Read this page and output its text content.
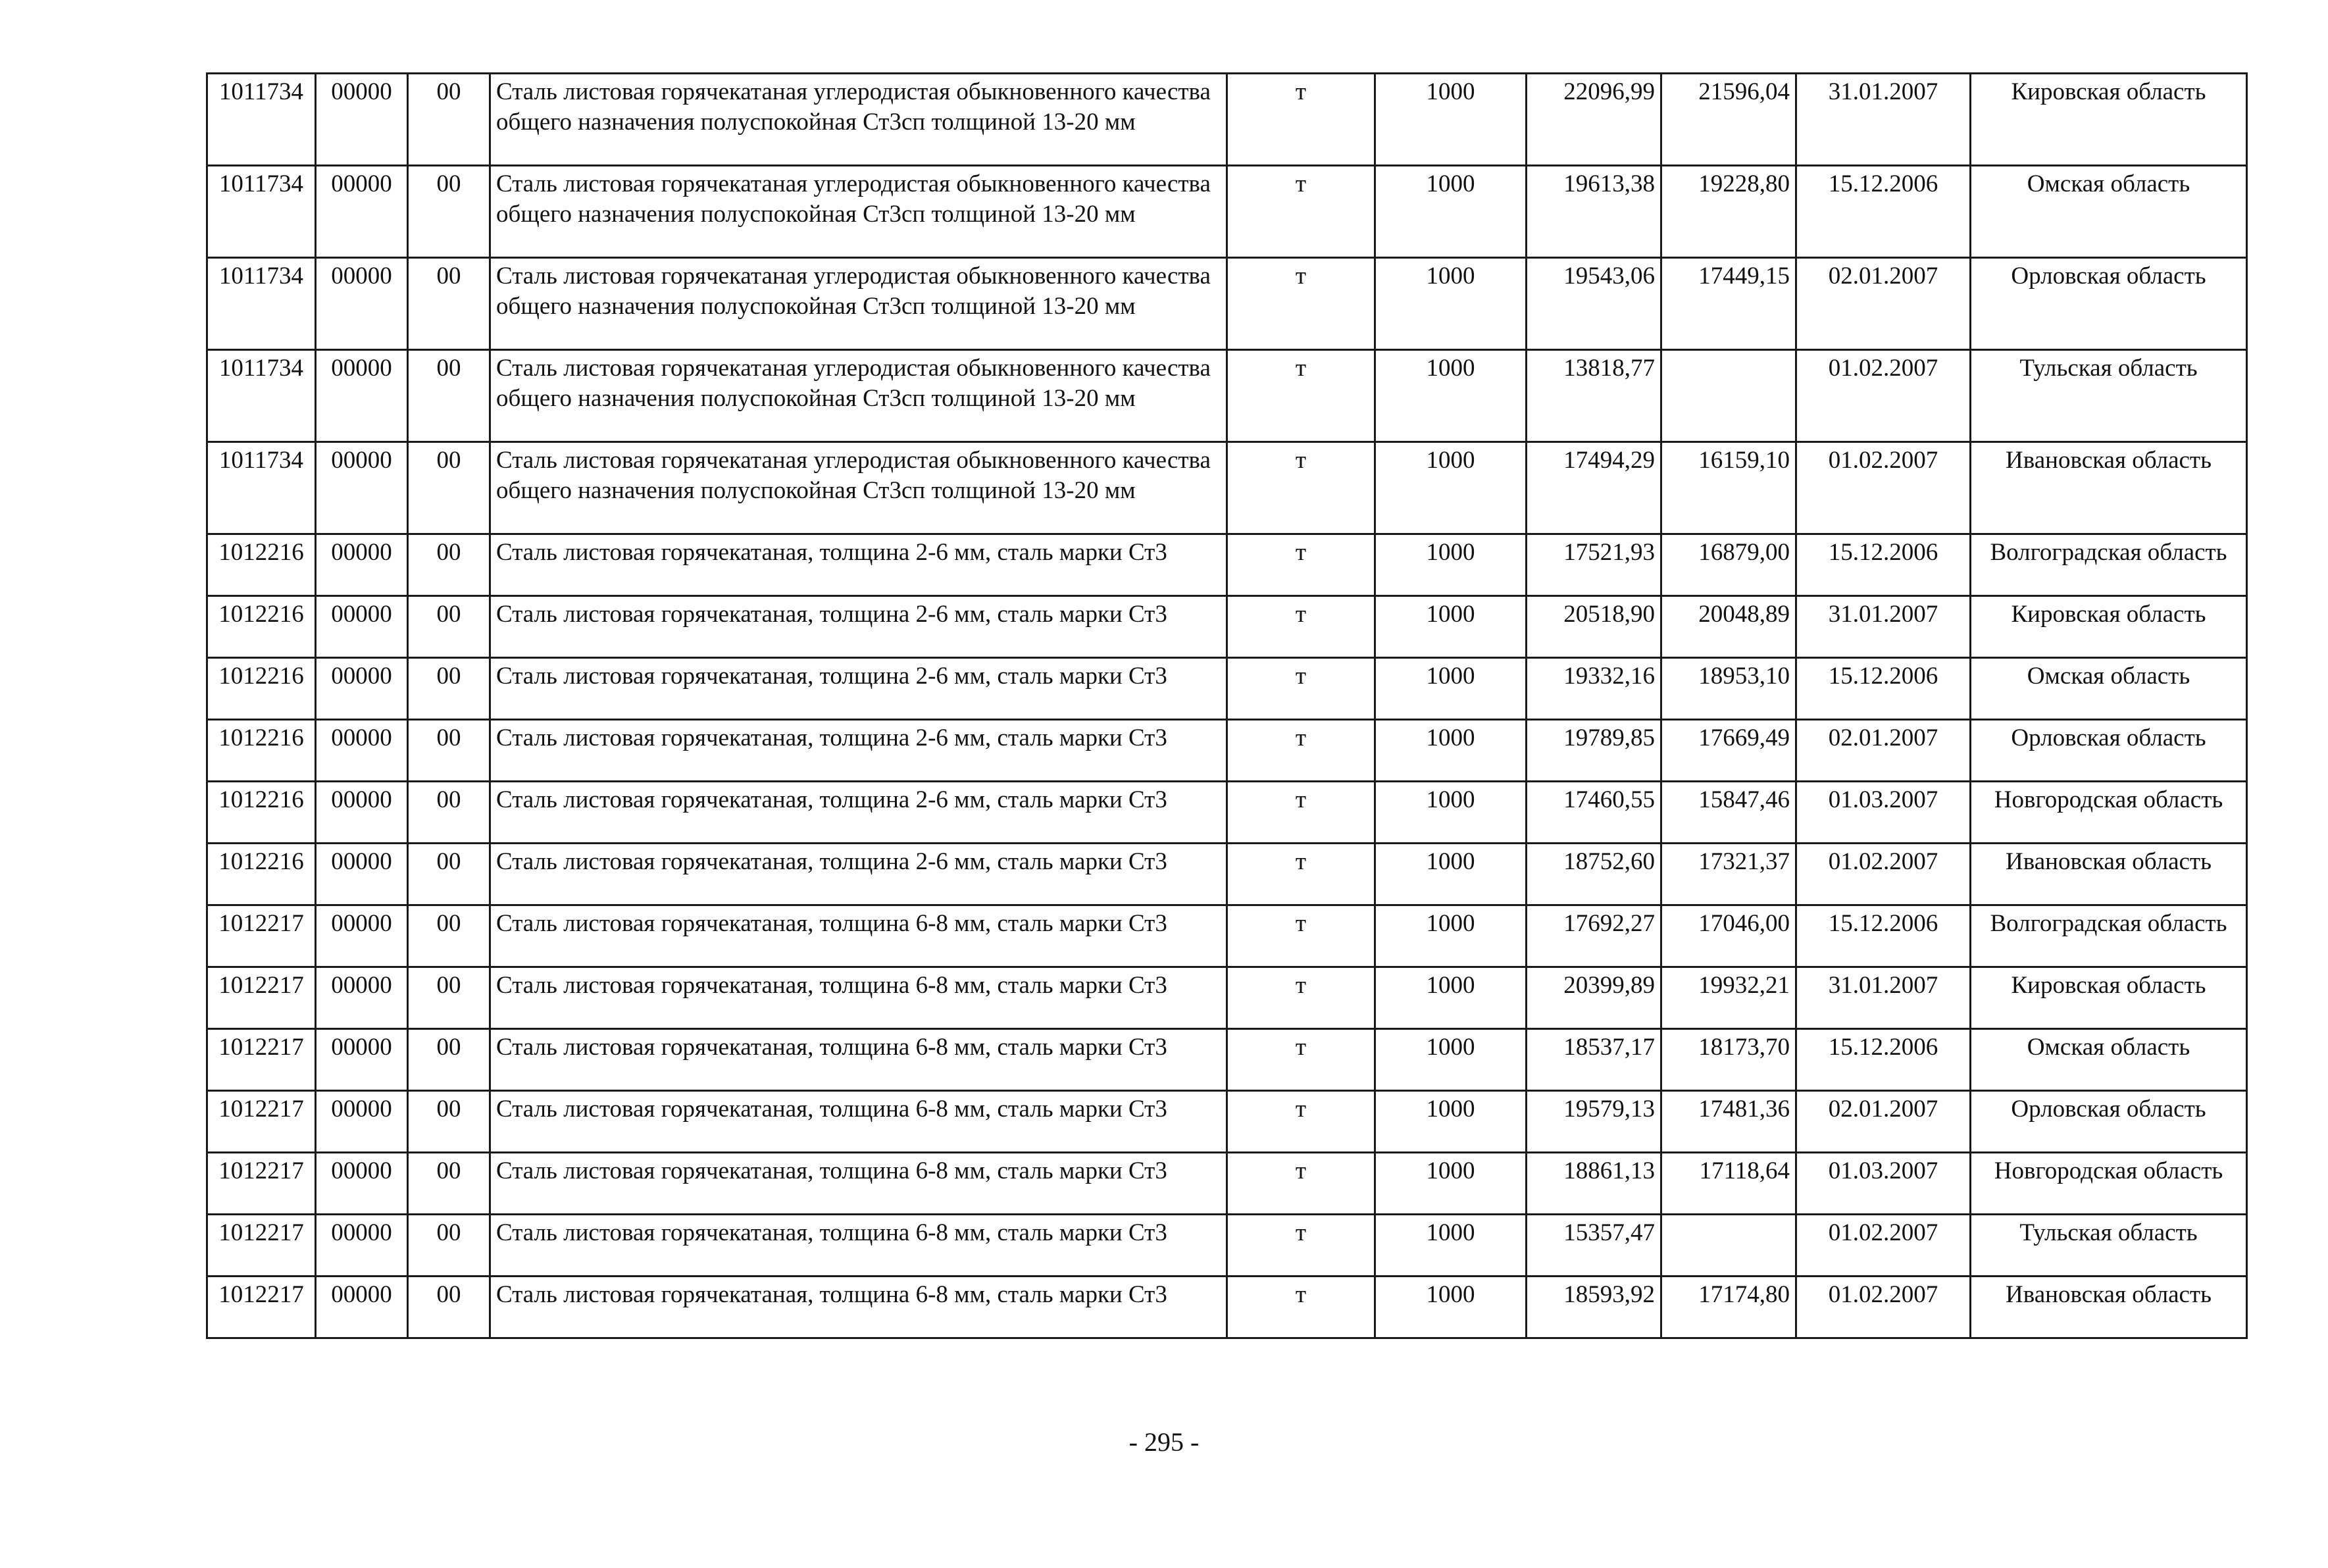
1011734	00000	00	Сталь листовая горячекатаная углеродистая обыкновенного качества общего назначения полуспокойная Ст3сп толщиной 13-20 мм	т	1000	22096,99	21596,04	31.01.2007	Кировская область
1011734	00000	00	Сталь листовая горячекатаная углеродистая обыкновенного качества общего назначения полуспокойная Ст3сп толщиной 13-20 мм	т	1000	19613,38	19228,80	15.12.2006	Омская область
1011734	00000	00	Сталь листовая горячекатаная углеродистая обыкновенного качества общего назначения полуспокойная Ст3сп толщиной 13-20 мм	т	1000	19543,06	17449,15	02.01.2007	Орловская область
1011734	00000	00	Сталь листовая горячекатаная углеродистая обыкновенного качества общего назначения полуспокойная Ст3сп толщиной 13-20 мм	т	1000	13818,77		01.02.2007	Тульская область
1011734	00000	00	Сталь листовая горячекатаная углеродистая обыкновенного качества общего назначения полуспокойная Ст3сп толщиной 13-20 мм	т	1000	17494,29	16159,10	01.02.2007	Ивановская область
1012216	00000	00	Сталь листовая горячекатаная, толщина 2-6 мм, сталь марки Ст3	т	1000	17521,93	16879,00	15.12.2006	Волгоградская область
1012216	00000	00	Сталь листовая горячекатаная, толщина 2-6 мм, сталь марки Ст3	т	1000	20518,90	20048,89	31.01.2007	Кировская область
1012216	00000	00	Сталь листовая горячекатаная, толщина 2-6 мм, сталь марки Ст3	т	1000	19332,16	18953,10	15.12.2006	Омская область
1012216	00000	00	Сталь листовая горячекатаная, толщина 2-6 мм, сталь марки Ст3	т	1000	19789,85	17669,49	02.01.2007	Орловская область
1012216	00000	00	Сталь листовая горячекатаная, толщина 2-6 мм, сталь марки Ст3	т	1000	17460,55	15847,46	01.03.2007	Новгородская область
1012216	00000	00	Сталь листовая горячекатаная, толщина 2-6 мм, сталь марки Ст3	т	1000	18752,60	17321,37	01.02.2007	Ивановская область
1012217	00000	00	Сталь листовая горячекатаная, толщина 6-8 мм, сталь марки Ст3	т	1000	17692,27	17046,00	15.12.2006	Волгоградская область
1012217	00000	00	Сталь листовая горячекатаная, толщина 6-8 мм, сталь марки Ст3	т	1000	20399,89	19932,21	31.01.2007	Кировская область
1012217	00000	00	Сталь листовая горячекатаная, толщина 6-8 мм, сталь марки Ст3	т	1000	18537,17	18173,70	15.12.2006	Омская область
1012217	00000	00	Сталь листовая горячекатаная, толщина 6-8 мм, сталь марки Ст3	т	1000	19579,13	17481,36	02.01.2007	Орловская область
1012217	00000	00	Сталь листовая горячекатаная, толщина 6-8 мм, сталь марки Ст3	т	1000	18861,13	17118,64	01.03.2007	Новгородская область
1012217	00000	00	Сталь листовая горячекатаная, толщина 6-8 мм, сталь марки Ст3	т	1000	15357,47		01.02.2007	Тульская область
1012217	00000	00	Сталь листовая горячекатаная, толщина 6-8 мм, сталь марки Ст3	т	1000	18593,92	17174,80	01.02.2007	Ивановская область
- 295 -
